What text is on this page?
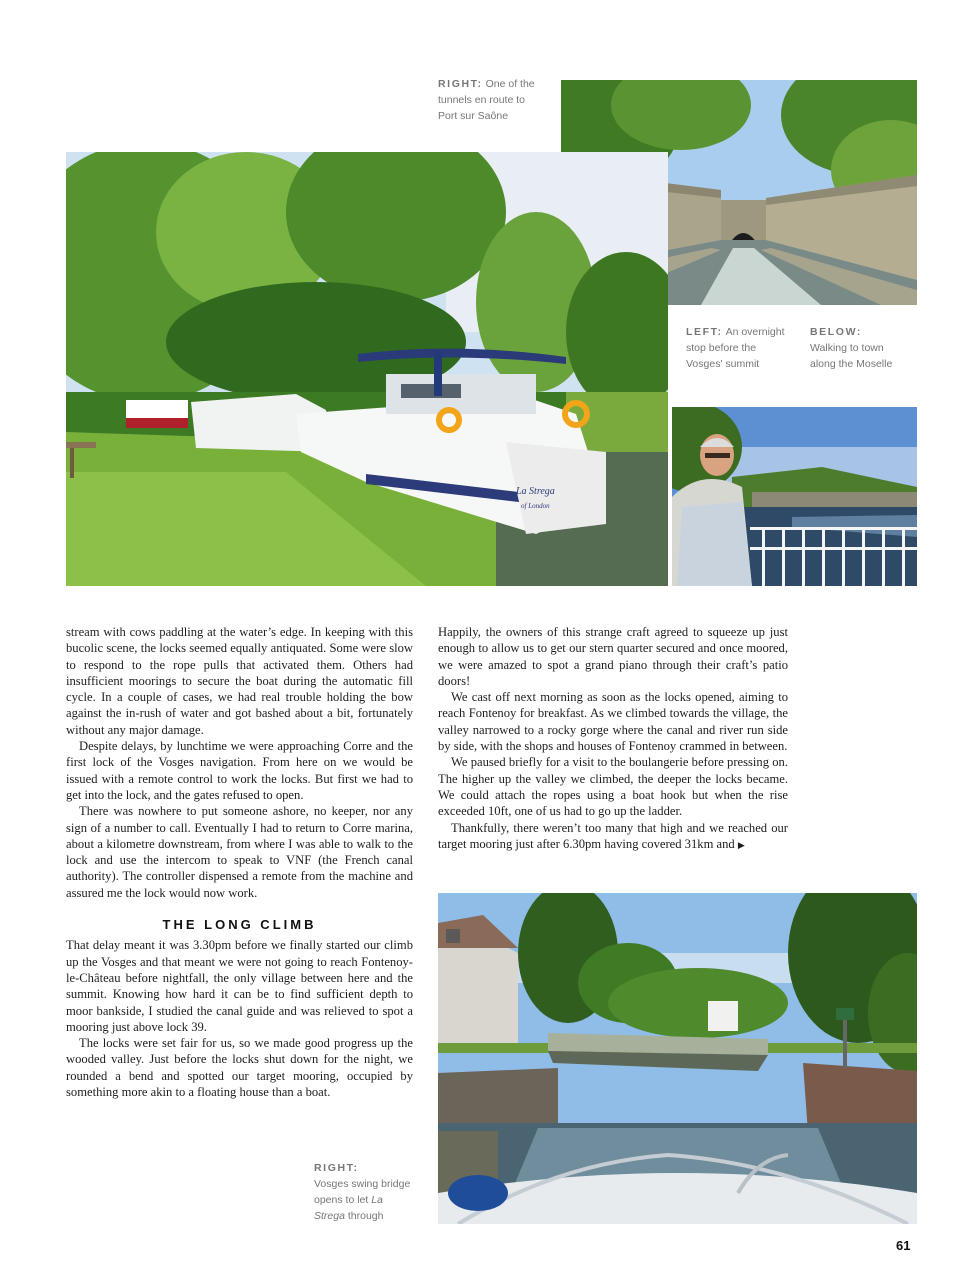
RIGHT: One of the
tunnels en route to
Port sur Saône
La Strega
of London
LEFT: An overnight
stop before the
Vosges' summit
BELOW:
Walking to town
along the Moselle

stream with cows paddling at the water’s edge. In keeping with this bucolic scene, the locks seemed equally antiquated. Some were slow to respond to the rope pulls that activated them. Others had insufficient moorings to secure the boat during the automatic fill cycle. In a couple of cases, we had real trouble holding the bow against the in-rush of water and got bashed about a bit, fortunately without any major damage.

Despite delays, by lunchtime we were approaching Corre and the first lock of the Vosges navigation. From here on we would be issued with a remote control to work the locks. But first we had to get into the lock, and the gates refused to open.

There was nowhere to put someone ashore, no keeper, nor any sign of a number to call. Eventually I had to return to Corre marina, about a kilometre downstream, from where I was able to walk to the lock and use the intercom to speak to VNF (the French canal authority). The controller dispensed a remote from the machine and assured me the lock would now work.

THE LONG CLIMB

That delay meant it was 3.30pm before we finally started our climb up the Vosges and that meant we were not going to reach Fontenoy-le-Château before nightfall, the only village between here and the summit. Knowing how hard it can be to find sufficient depth to moor bankside, I studied the canal guide and was relieved to spot a mooring just above lock 39.

The locks were set fair for us, so we made good progress up the wooded valley. Just before the locks shut down for the night, we rounded a bend and spotted our target mooring, occupied by something more akin to a floating house than a boat.

Happily, the owners of this strange craft agreed to squeeze up just enough to allow us to get our stern quarter secured and once moored, we were amazed to spot a grand piano through their craft’s patio doors!

We cast off next morning as soon as the locks opened, aiming to reach Fontenoy for breakfast. As we climbed towards the village, the valley narrowed to a rocky gorge where the canal and river run side by side, with the shops and houses of Fontenoy crammed in between.

We paused briefly for a visit to the boulangerie before pressing on. The higher up the valley we climbed, the deeper the locks became. We could attach the ropes using a boat hook but when the rise exceeded 10ft, one of us had to go up the ladder.

Thankfully, there weren’t too many that high and we reached our target mooring just after 6.30pm having covered 31km and ▶

RIGHT:
Vosges swing bridge
opens to let La
Strega through
61
